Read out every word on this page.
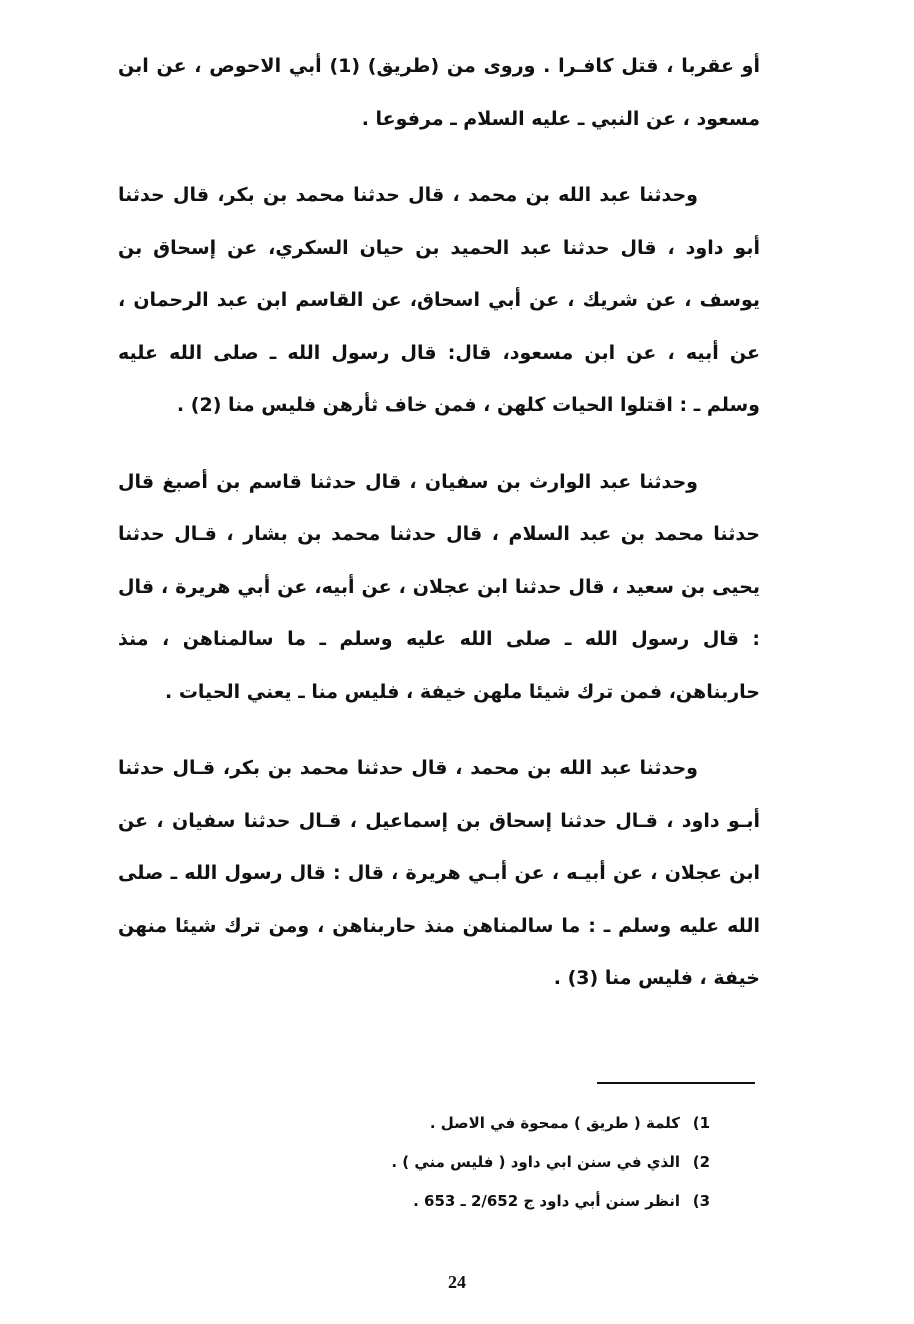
أو عقربا ، قتل كافـرا . وروى من (طريق) (1) أبي الاحوص ، عن ابن مسعود ، عن النبي ـ عليه السلام ـ مرفوعا .

وحدثنا عبد الله بن محمد ، قال حدثنا محمد بن بكر، قال حدثنا أبو داود ، قال حدثنا عبد الحميد بن حيان السكري، عن إسحاق بن يوسف ، عن شريك ، عن أبي اسحاق، عن القاسم ابن عبد الرحمان ، عن أبيه ، عن ابن مسعود، قال: قال رسول الله ـ صلى الله عليه وسلم ـ : اقتلوا الحيات كلهن ، فمن خاف ثأرهن فليس منا (2) .

وحدثنا عبد الوارث بن سفيان ، قال حدثنا قاسم بن أصبغ قال حدثنا محمد بن عبد السلام ، قال حدثنا محمد بن بشار ، قـال حدثنا يحيى بن سعيد ، قال حدثنا ابن عجلان ، عن أبيه، عن أبي هريرة ، قال : قال رسول الله ـ صلى الله عليه وسلم ـ ما سالمناهن ، منذ حاربناهن، فمن ترك شيئا ملهن خيفة ، فليس منا ـ يعني الحيات .

وحدثنا عبد الله بن محمد ، قال حدثنا محمد بن بكر، قـال حدثنا أبـو داود ، قـال حدثنا إسحاق بن إسماعيل ، قـال حدثنا سفيان ، عن ابن عجلان ، عن أبيـه ، عن أبـي هريرة ، قال : قال رسول الله ـ صلى الله عليه وسلم ـ : ما سالمناهن منذ حاربناهن ، ومن ترك شيئا منهن خيفة ، فليس منا (3) .

1)
كلمة ( طريق ) ممحوة في الاصل .
2)
الذي في سنن ابي داود ( فليس مني ) .
3)
انظر سنن أبي داود ج 2/652 ـ 653 .
24
